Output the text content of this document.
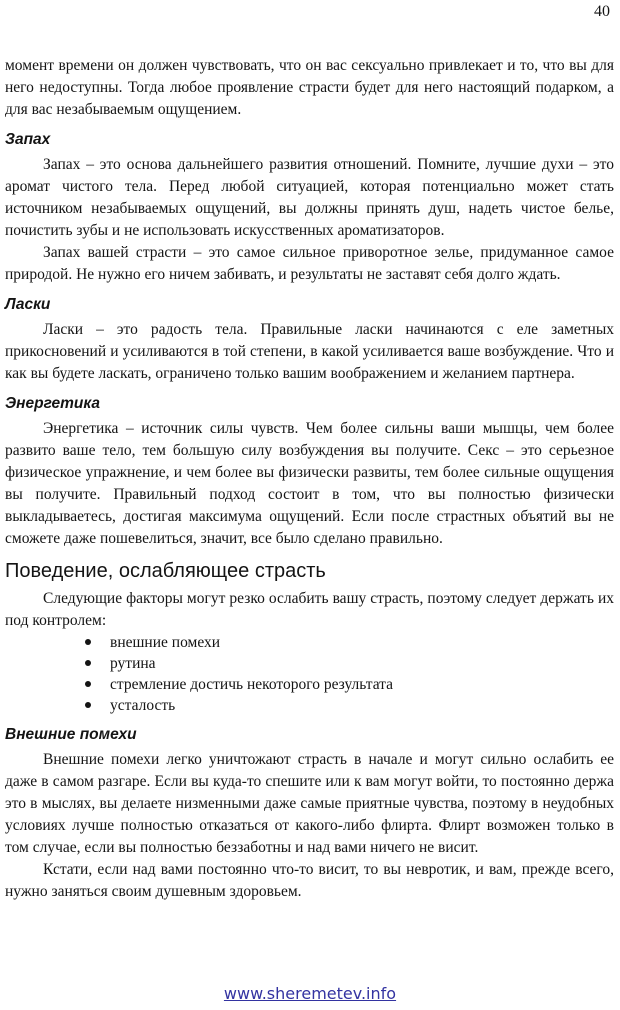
40

момент времени он должен чувствовать, что он вас сексуально привлекает и то, что вы для него недоступны. Тогда любое проявление страсти будет для него настоящий подарком, а для вас незабываемым ощущением.

Запах

Запах – это основа дальнейшего развития отношений. Помните, лучшие духи – это аромат чистого тела. Перед любой ситуацией, которая потенциально может стать источником незабываемых ощущений, вы должны принять душ, надеть чистое белье, почистить зубы и не использовать искусственных ароматизаторов.

Запах вашей страсти – это самое сильное приворотное зелье, придуманное самое природой. Не нужно его ничем забивать, и результаты не заставят себя долго ждать.

Ласки

Ласки – это радость тела. Правильные ласки начинаются с еле заметных прикосновений и усиливаются в той степени, в какой усиливается ваше возбуждение. Что и как вы будете ласкать, ограничено только вашим воображением и желанием партнера.

Энергетика

Энергетика – источник силы чувств. Чем более сильны ваши мышцы, чем более развито ваше тело, тем большую силу возбуждения вы получите. Секс – это серьезное физическое упражнение, и чем более вы физически развиты, тем более сильные ощущения вы получите. Правильный подход состоит в том, что вы полностью физически выкладываетесь, достигая максимума ощущений. Если после страстных объятий вы не сможете даже пошевелиться, значит, все было сделано правильно.

Поведение, ослабляющее страсть

Следующие факторы могут резко ослабить вашу страсть, поэтому следует держать их под контролем:

внешние помехи
рутина
стремление достичь некоторого результата
усталость
Внешние помехи

Внешние помехи легко уничтожают страсть в начале и могут сильно ослабить ее даже в самом разгаре. Если вы куда-то спешите или к вам могут войти, то постоянно держа это в мыслях, вы делаете низменными даже самые приятные чувства, поэтому в неудобных условиях лучше полностью отказаться от какого-либо флирта. Флирт возможен только в том случае, если вы полностью беззаботны и над вами ничего не висит.

Кстати, если над вами постоянно что-то висит, то вы невротик, и вам, прежде всего, нужно заняться своим душевным здоровьем.

www.sheremetev.info
